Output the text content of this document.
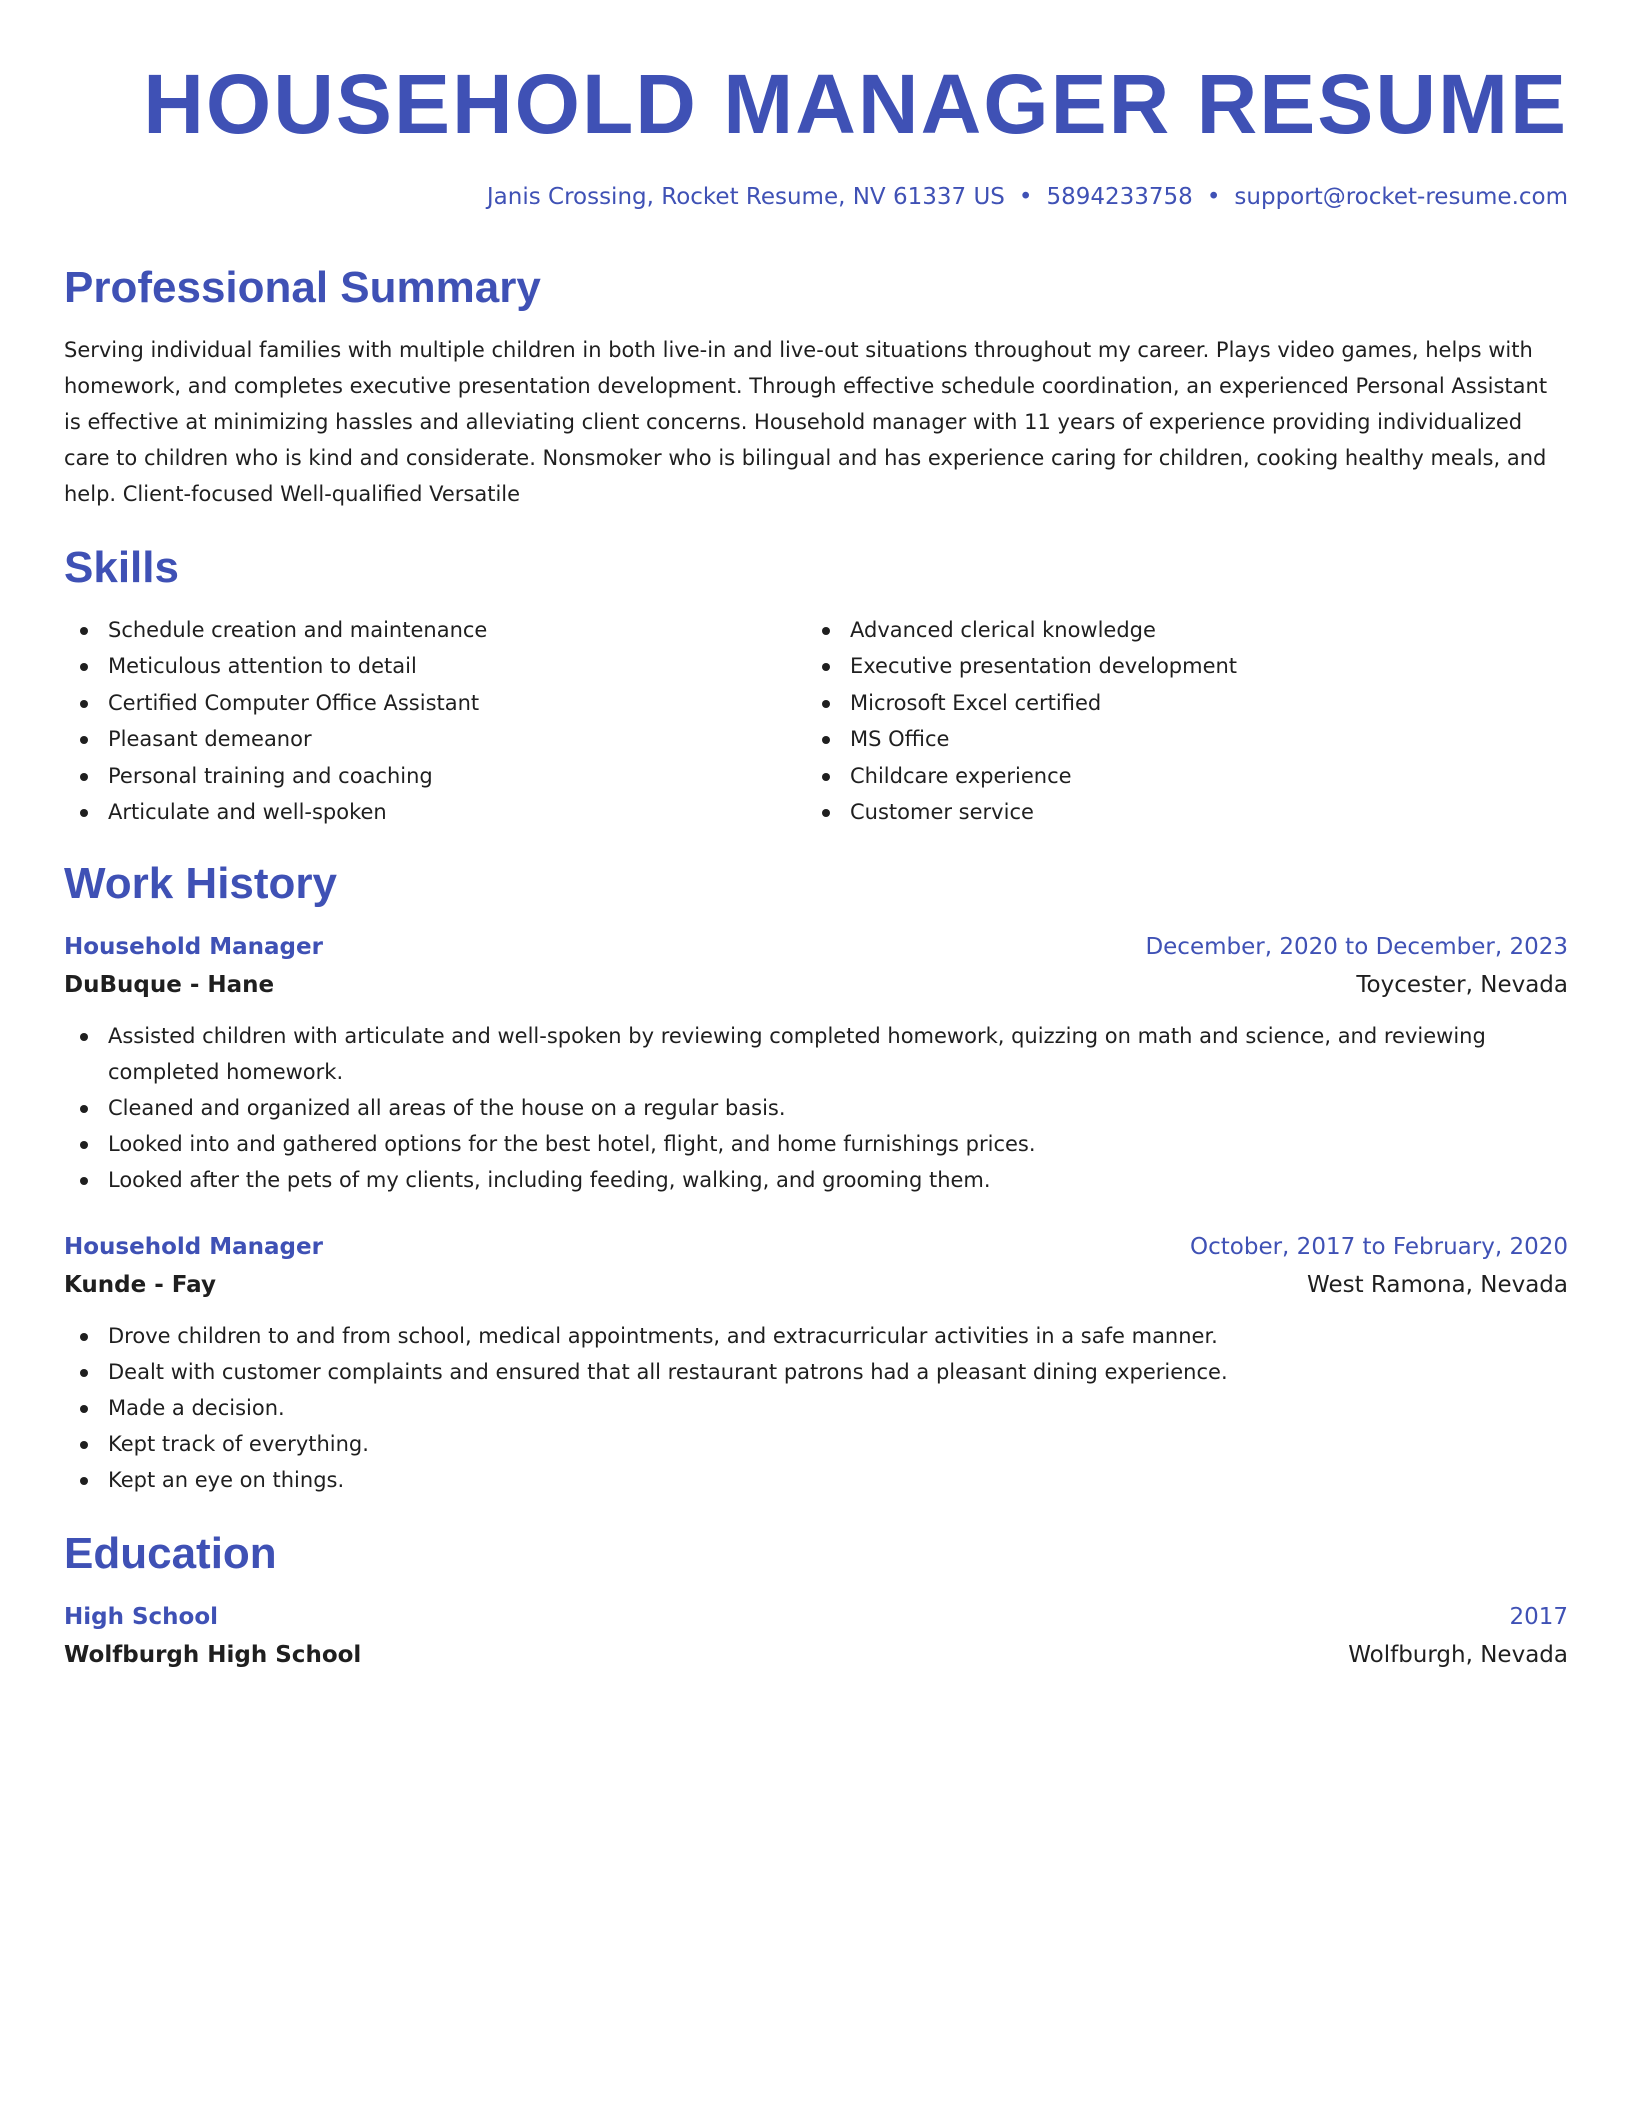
HOUSEHOLD MANAGER RESUME
Janis Crossing, Rocket Resume, NV 61337 US • 5894233758 • support@rocket-resume.com
Professional Summary

Serving individual families with multiple children in both live-in and live-out situations throughout my career. Plays video games, helps with homework, and completes executive presentation development. Through effective schedule coordination, an experienced Personal Assistant is effective at minimizing hassles and alleviating client concerns. Household manager with 11 years of experience providing individualized care to children who is kind and considerate. Nonsmoker who is bilingual and has experience caring for children, cooking healthy meals, and help. Client-focused Well-qualified Versatile

Skills
Schedule creation and maintenance
Meticulous attention to detail
Certified Computer Office Assistant
Pleasant demeanor
Personal training and coaching
Articulate and well-spoken
Advanced clerical knowledge
Executive presentation development
Microsoft Excel certified
MS Office
Childcare experience
Customer service
Work History
Household Manager	December, 2020 to December, 2023
DuBuque - Hane	Toycester, Nevada
Assisted children with articulate and well-spoken by reviewing completed homework, quizzing on math and science, and reviewing completed homework.
Cleaned and organized all areas of the house on a regular basis.
Looked into and gathered options for the best hotel, flight, and home furnishings prices.
Looked after the pets of my clients, including feeding, walking, and grooming them.
Household Manager	October, 2017 to February, 2020
Kunde - Fay	West Ramona, Nevada
Drove children to and from school, medical appointments, and extracurricular activities in a safe manner.
Dealt with customer complaints and ensured that all restaurant patrons had a pleasant dining experience.
Made a decision.
Kept track of everything.
Kept an eye on things.
Education
High School	2017
Wolfburgh High School	Wolfburgh, Nevada
